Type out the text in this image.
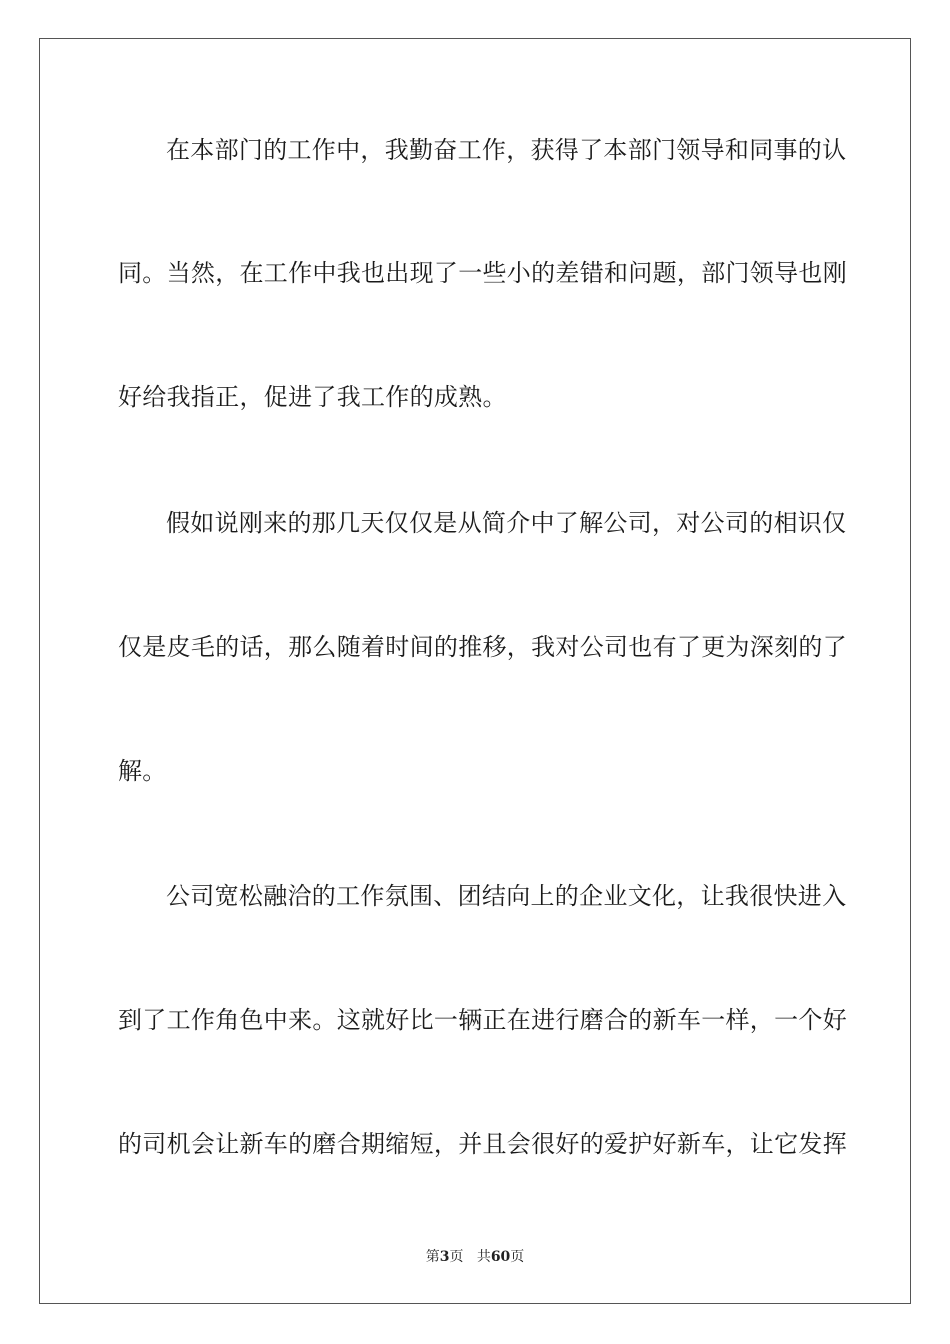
在本部门的工作中，我勤奋工作，获得了本部门领导和同事的认
同。当然，在工作中我也出现了一些小的差错和问题，部门领导也刚
好给我指正，促进了我工作的成熟。
假如说刚来的那几天仅仅是从简介中了解公司，对公司的相识仅
仅是皮毛的话，那么随着时间的推移，我对公司也有了更为深刻的了
解。
公司宽松融洽的工作氛围、团结向上的企业文化，让我很快进入
到了工作角色中来。这就好比一辆正在进行磨合的新车一样，一个好
的司机会让新车的磨合期缩短，并且会很好的爱护好新车，让它发挥
第3页 共60页
